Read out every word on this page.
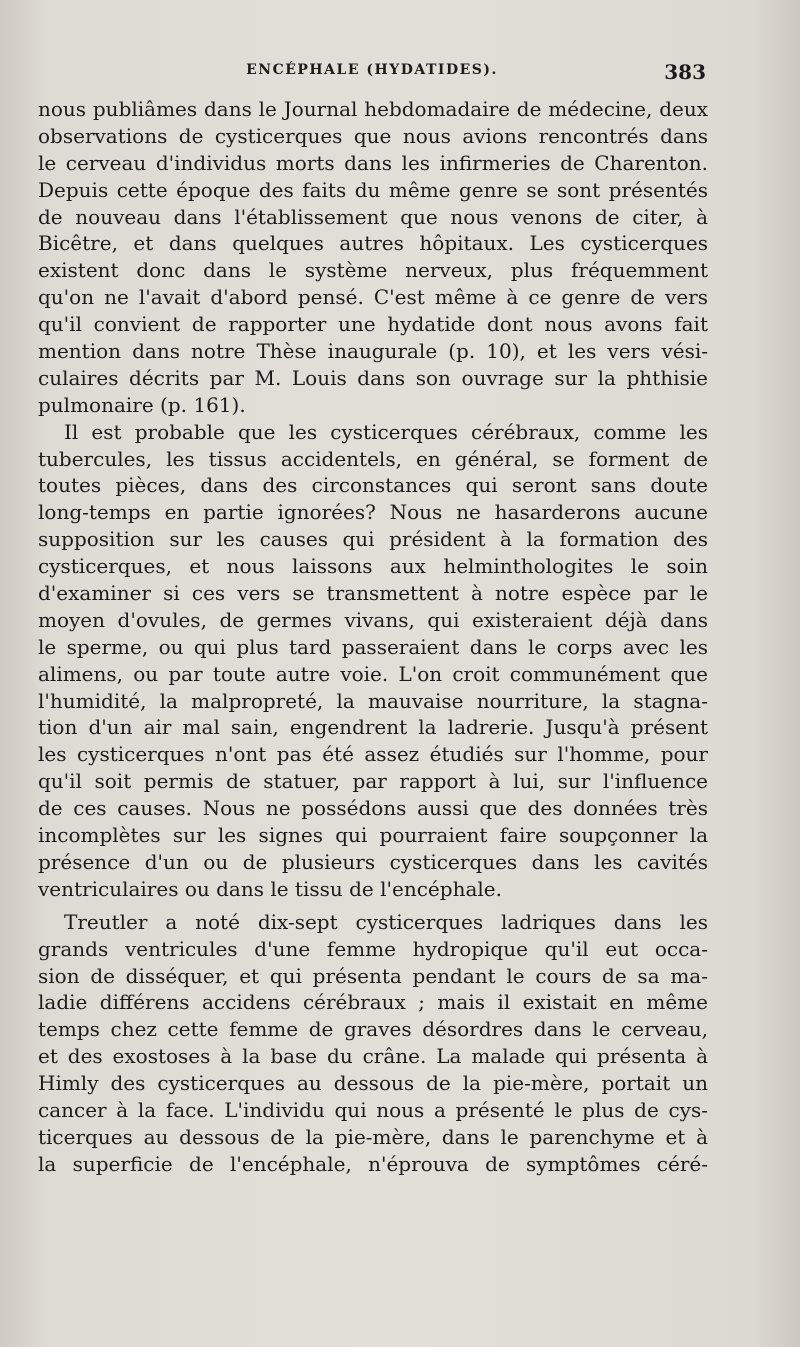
ENCÉPHALE (HYDATIDES).	383
nous publiâmes dans le Journal hebdomadaire de médecine, deux
observations de cysticerques que nous avions rencontrés dans
le cerveau d'individus morts dans les infirmeries de Charenton.
Depuis cette époque des faits du même genre se sont présentés
de nouveau dans l'établissement que nous venons de citer, à
Bicêtre, et dans quelques autres hôpitaux. Les cysticerques
existent donc dans le système nerveux, plus fréquemment
qu'on ne l'avait d'abord pensé. C'est même à ce genre de vers
qu'il convient de rapporter une hydatide dont nous avons fait
mention dans notre Thèse inaugurale (p. 10), et les vers vési-
culaires décrits par M. Louis dans son ouvrage sur la phthisie
pulmonaire (p. 161).
Il est probable que les cysticerques cérébraux, comme les
tubercules, les tissus accidentels, en général, se forment de
toutes pièces, dans des circonstances qui seront sans doute
long-temps en partie ignorées? Nous ne hasarderons aucune
supposition sur les causes qui président à la formation des
cysticerques, et nous laissons aux helminthologites le soin
d'examiner si ces vers se transmettent à notre espèce par le
moyen d'ovules, de germes vivans, qui existeraient déjà dans
le sperme, ou qui plus tard passeraient dans le corps avec les
alimens, ou par toute autre voie. L'on croit communément que
l'humidité, la malpropreté, la mauvaise nourriture, la stagna-
tion d'un air mal sain, engendrent la ladrerie. Jusqu'à présent
les cysticerques n'ont pas été assez étudiés sur l'homme, pour
qu'il soit permis de statuer, par rapport à lui, sur l'influence
de ces causes. Nous ne possédons aussi que des données très
incomplètes sur les signes qui pourraient faire soupçonner la
présence d'un ou de plusieurs cysticerques dans les cavités
ventriculaires ou dans le tissu de l'encéphale.
Treutler a noté dix-sept cysticerques ladriques dans les
grands ventricules d'une femme hydropique qu'il eut occa-
sion de disséquer, et qui présenta pendant le cours de sa ma-
ladie différens accidens cérébraux ; mais il existait en même
temps chez cette femme de graves désordres dans le cerveau,
et des exostoses à la base du crâne. La malade qui présenta à
Himly des cysticerques au dessous de la pie-mère, portait un
cancer à la face. L'individu qui nous a présenté le plus de cys-
ticerques au dessous de la pie-mère, dans le parenchyme et à
la superficie de l'encéphale, n'éprouva de symptômes céré-
